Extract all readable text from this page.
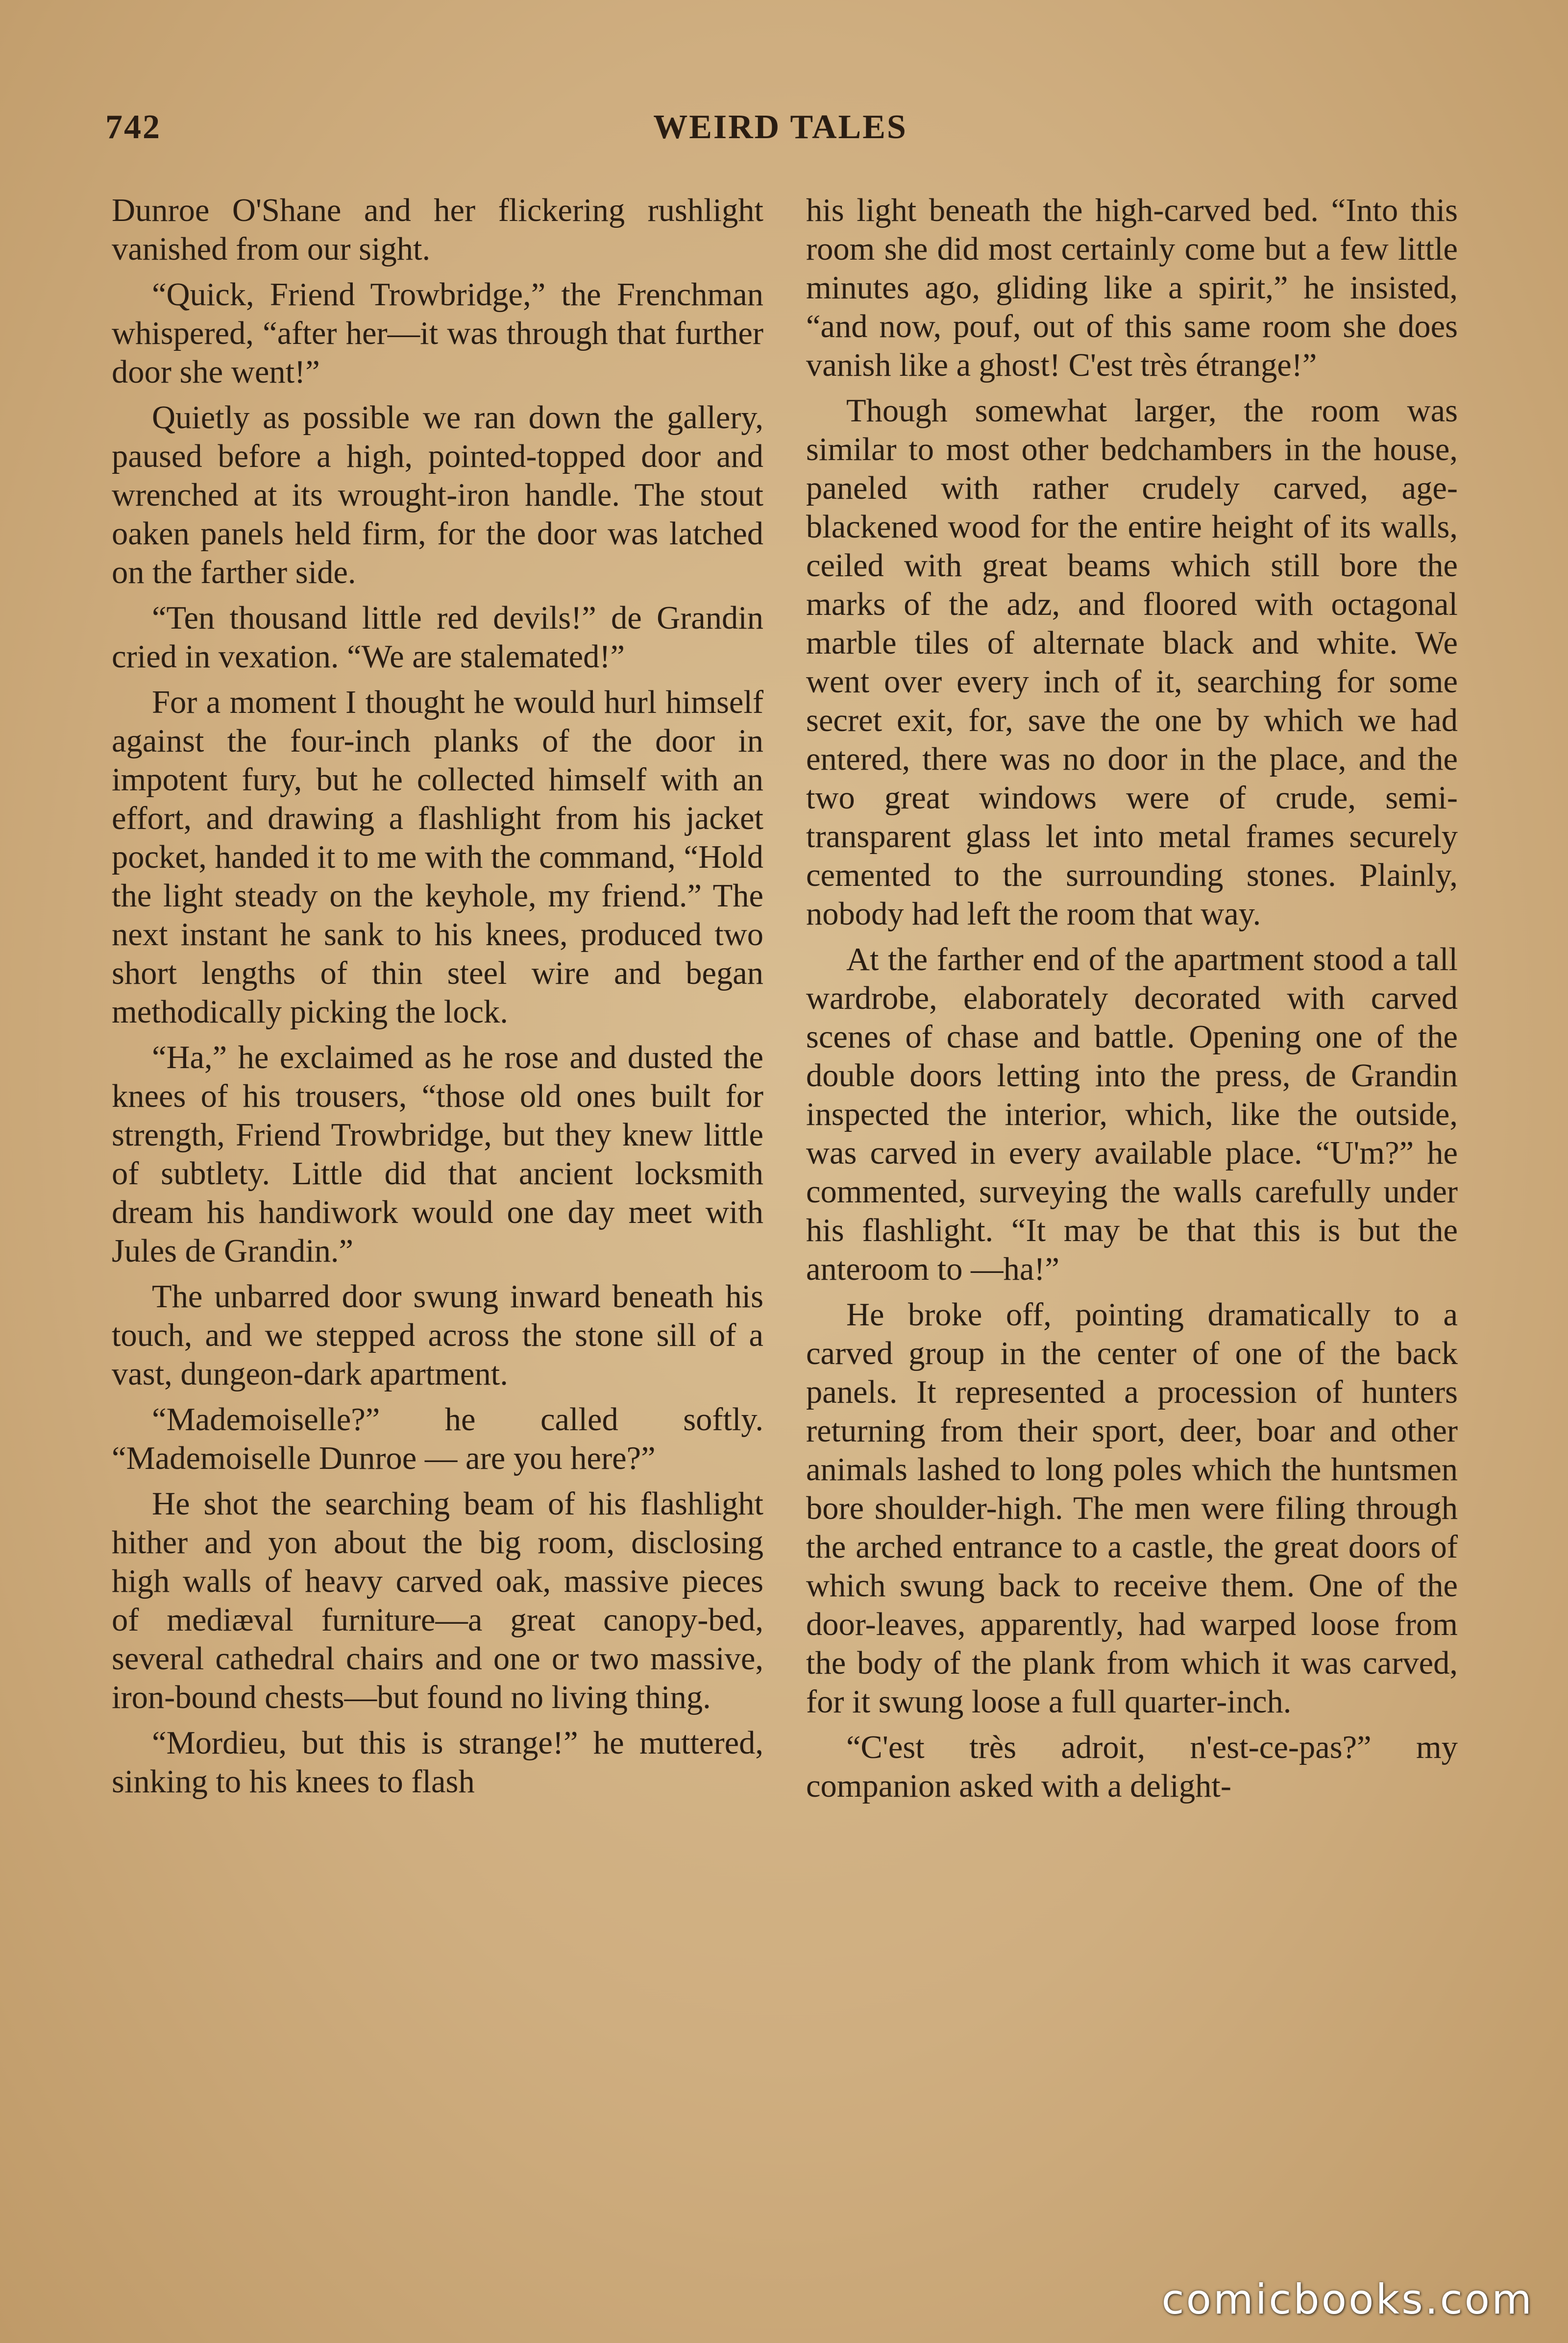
742	WEIRD TALES

Dunroe O'Shane and her flickering rushlight vanished from our sight.

“Quick, Friend Trowbridge,” the Frenchman whispered, “after her—it was through that further door she went!”

Quietly as possible we ran down the gallery, paused before a high, pointed-topped door and wrenched at its wrought-iron handle. The stout oaken panels held firm, for the door was latched on the farther side.

“Ten thousand little red devils!” de Grandin cried in vexation. “We are stalemated!”

For a moment I thought he would hurl himself against the four-inch planks of the door in impotent fury, but he collected himself with an effort, and drawing a flashlight from his jacket pocket, handed it to me with the command, “Hold the light steady on the keyhole, my friend.” The next instant he sank to his knees, produced two short lengths of thin steel wire and began methodically picking the lock.

“Ha,” he exclaimed as he rose and dusted the knees of his trousers, “those old ones built for strength, Friend Trowbridge, but they knew little of subtlety. Little did that ancient locksmith dream his handiwork would one day meet with Jules de Grandin.”

The unbarred door swung inward beneath his touch, and we stepped across the stone sill of a vast, dungeon-dark apartment.

“Mademoiselle?” he called softly. “Mademoiselle Dunroe — are you here?”

He shot the searching beam of his flashlight hither and yon about the big room, disclosing high walls of heavy carved oak, massive pieces of mediæval furniture—a great canopy-bed, several cathedral chairs and one or two massive, iron-bound chests—but found no living thing.

“Mordieu, but this is strange!” he muttered, sinking to his knees to flash

his light beneath the high-carved bed. “Into this room she did most certainly come but a few little minutes ago, gliding like a spirit,” he insisted, “and now, pouf, out of this same room she does vanish like a ghost! C'est très étrange!”

Though somewhat larger, the room was similar to most other bedchambers in the house, paneled with rather crudely carved, age-blackened wood for the entire height of its walls, ceiled with great beams which still bore the marks of the adz, and floored with octagonal marble tiles of alternate black and white. We went over every inch of it, searching for some secret exit, for, save the one by which we had entered, there was no door in the place, and the two great windows were of crude, semi-transparent glass let into metal frames securely cemented to the surrounding stones. Plainly, nobody had left the room that way.

At the farther end of the apartment stood a tall wardrobe, elaborately decorated with carved scenes of chase and battle. Opening one of the double doors letting into the press, de Grandin inspected the interior, which, like the outside, was carved in every available place. “U'm?” he commented, surveying the walls carefully under his flashlight. “It may be that this is but the anteroom to —ha!”

He broke off, pointing dramatically to a carved group in the center of one of the back panels. It represented a procession of hunters returning from their sport, deer, boar and other animals lashed to long poles which the huntsmen bore shoulder-high. The men were filing through the arched entrance to a castle, the great doors of which swung back to receive them. One of the door-leaves, apparently, had warped loose from the body of the plank from which it was carved, for it swung loose a full quarter-inch.

“C'est très adroit, n'est-ce-pas?” my companion asked with a delight-

comicbooks.com
